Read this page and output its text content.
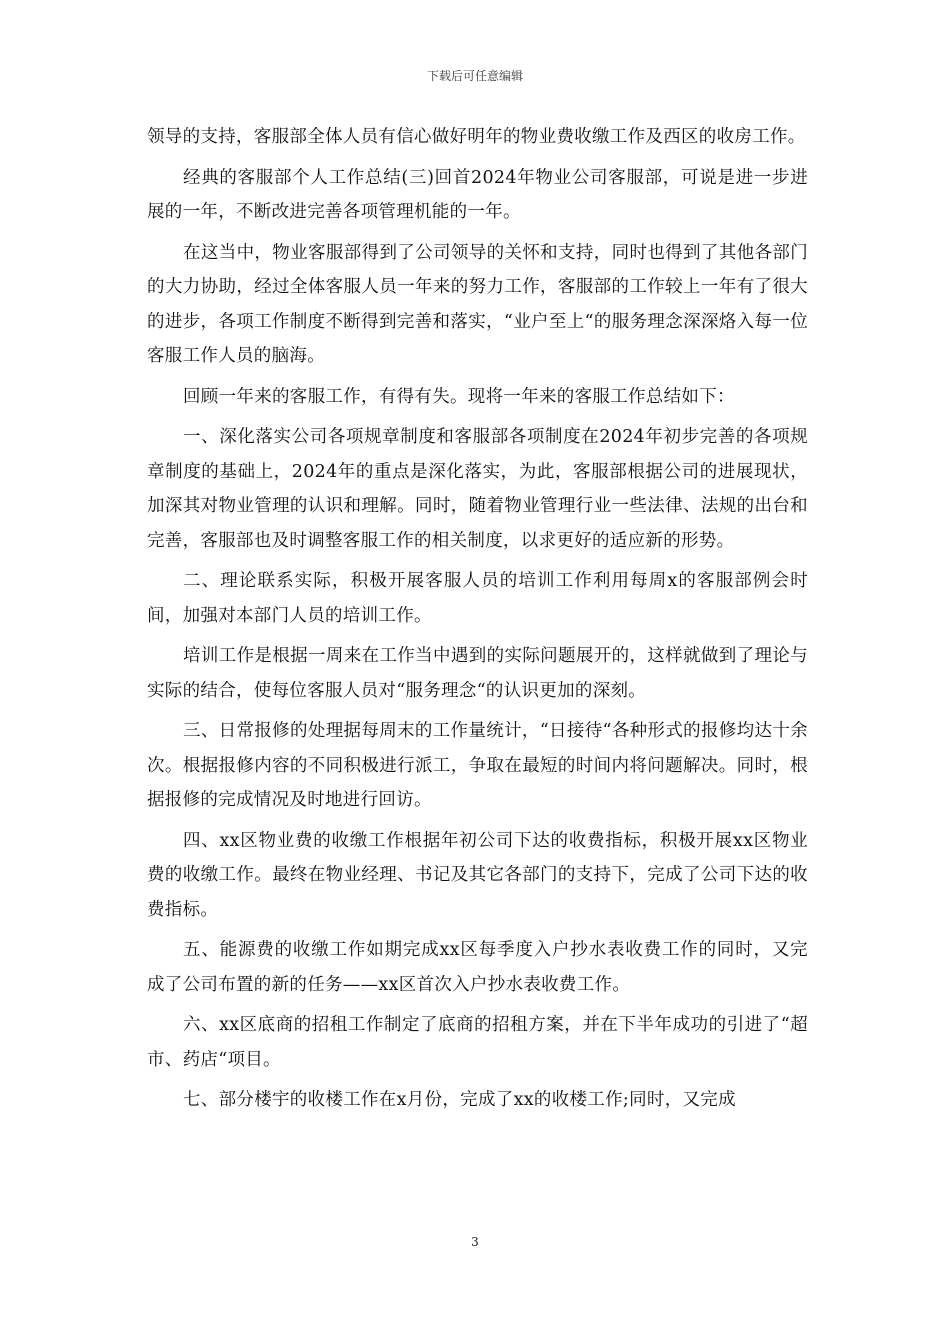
下载后可任意编辑

领导的支持，客服部全体人员有信心做好明年的物业费收缴工作及西区的收房工作。

经典的客服部个人工作总结(三)回首2024年物业公司客服部，可说是进一步进展的一年，不断改进完善各项管理机能的一年。

在这当中，物业客服部得到了公司领导的关怀和支持，同时也得到了其他各部门的大力协助，经过全体客服人员一年来的努力工作，客服部的工作较上一年有了很大的进步，各项工作制度不断得到完善和落实，“业户至上“的服务理念深深烙入每一位客服工作人员的脑海。

回顾一年来的客服工作，有得有失。现将一年来的客服工作总结如下：

一、深化落实公司各项规章制度和客服部各项制度在2024年初步完善的各项规章制度的基础上，2024年的重点是深化落实，为此，客服部根据公司的进展现状，加深其对物业管理的认识和理解。同时，随着物业管理行业一些法律、法规的出台和完善，客服部也及时调整客服工作的相关制度，以求更好的适应新的形势。

二、理论联系实际，积极开展客服人员的培训工作利用每周x的客服部例会时间，加强对本部门人员的培训工作。

培训工作是根据一周来在工作当中遇到的实际问题展开的，这样就做到了理论与实际的结合，使每位客服人员对“服务理念“的认识更加的深刻。

三、日常报修的处理据每周末的工作量统计，“日接待“各种形式的报修均达十余次。根据报修内容的不同积极进行派工，争取在最短的时间内将问题解决。同时，根据报修的完成情况及时地进行回访。

四、xx区物业费的收缴工作根据年初公司下达的收费指标，积极开展xx区物业费的收缴工作。最终在物业经理、书记及其它各部门的支持下，完成了公司下达的收费指标。

五、能源费的收缴工作如期完成xx区每季度入户抄水表收费工作的同时，又完成了公司布置的新的任务——xx区首次入户抄水表收费工作。

六、xx区底商的招租工作制定了底商的招租方案，并在下半年成功的引进了“超市、药店“项目。

七、部分楼宇的收楼工作在x月份，完成了xx的收楼工作;同时，又完成

3
